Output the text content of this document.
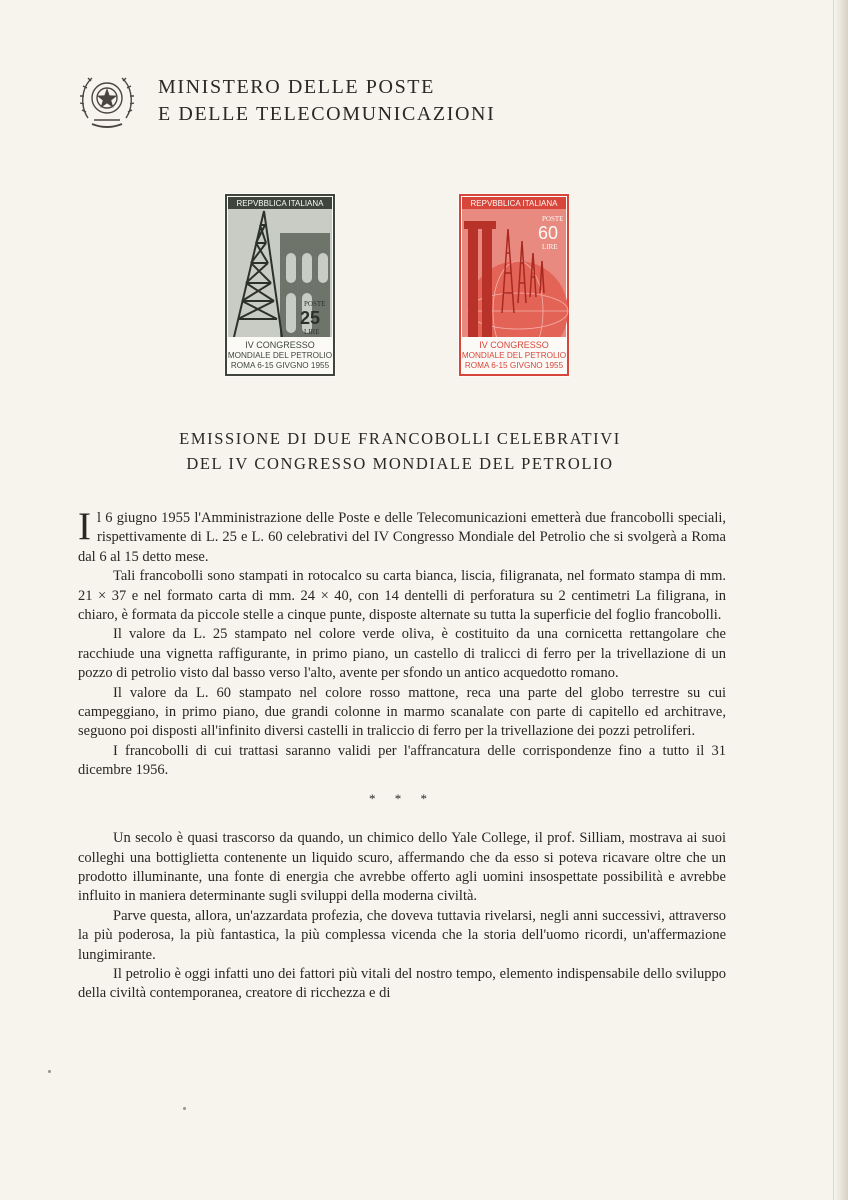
MINISTERO DELLE POSTE
E DELLE TELECOMUNICAZIONI
REPVBBLICA ITALIANA
POSTE
25
LIRE
IV CONGRESSO
MONDIALE DEL PETROLIO
ROMA 6-15 GIVGNO 1955
REPVBBLICA ITALIANA
POSTE
60
LIRE
IV CONGRESSO
MONDIALE DEL PETROLIO
ROMA 6-15 GIVGNO 1955
EMISSIONE DI DUE FRANCOBOLLI CELEBRATIVI
DEL IV CONGRESSO MONDIALE DEL PETROLIO

Il 6 giugno 1955 l'Amministrazione delle Poste e delle Telecomunicazioni emetterà due francobolli speciali, rispettivamente di L. 25 e L. 60 celebrativi del IV Congresso Mondiale del Petrolio che si svolgerà a Roma dal 6 al 15 detto mese.

Tali francobolli sono stampati in rotocalco su carta bianca, liscia, filigranata, nel formato stampa di mm. 21 × 37 e nel formato carta di mm. 24 × 40, con 14 dentelli di perforatura su 2 centimetri La filigrana, in chiaro, è formata da piccole stelle a cinque punte, disposte alternate su tutta la superficie del foglio francobolli.

Il valore da L. 25 stampato nel colore verde oliva, è costituito da una cornicetta rettangolare che racchiude una vignetta raffigurante, in primo piano, un castello di tralicci di ferro per la trivellazione di un pozzo di petrolio visto dal basso verso l'alto, avente per sfondo un antico acquedotto romano.

Il valore da L. 60 stampato nel colore rosso mattone, reca una parte del globo terrestre su cui campeggiano, in primo piano, due grandi colonne in marmo scanalate con parte di capitello ed architrave, seguono poi disposti all'infinito diversi castelli in traliccio di ferro per la trivellazione dei pozzi petroliferi.

I francobolli di cui trattasi saranno validi per l'affrancatura delle corrispondenze fino a tutto il 31 dicembre 1956.

* * *

Un secolo è quasi trascorso da quando, un chimico dello Yale College, il prof. Silliam, mostrava ai suoi colleghi una bottiglietta contenente un liquido scuro, affermando che da esso si poteva ricavare oltre che un prodotto illuminante, una fonte di energia che avrebbe offerto agli uomini insospettate possibilità e avrebbe influito in maniera determinante sugli sviluppi della moderna civiltà.

Parve questa, allora, un'azzardata profezia, che doveva tuttavia rivelarsi, negli anni successivi, attraverso la più poderosa, la più fantastica, la più complessa vicenda che la storia dell'uomo ricordi, un'affermazione lungimirante.

Il petrolio è oggi infatti uno dei fattori più vitali del nostro tempo, elemento indispensabile dello sviluppo della civiltà contemporanea, creatore di ricchezza e di
